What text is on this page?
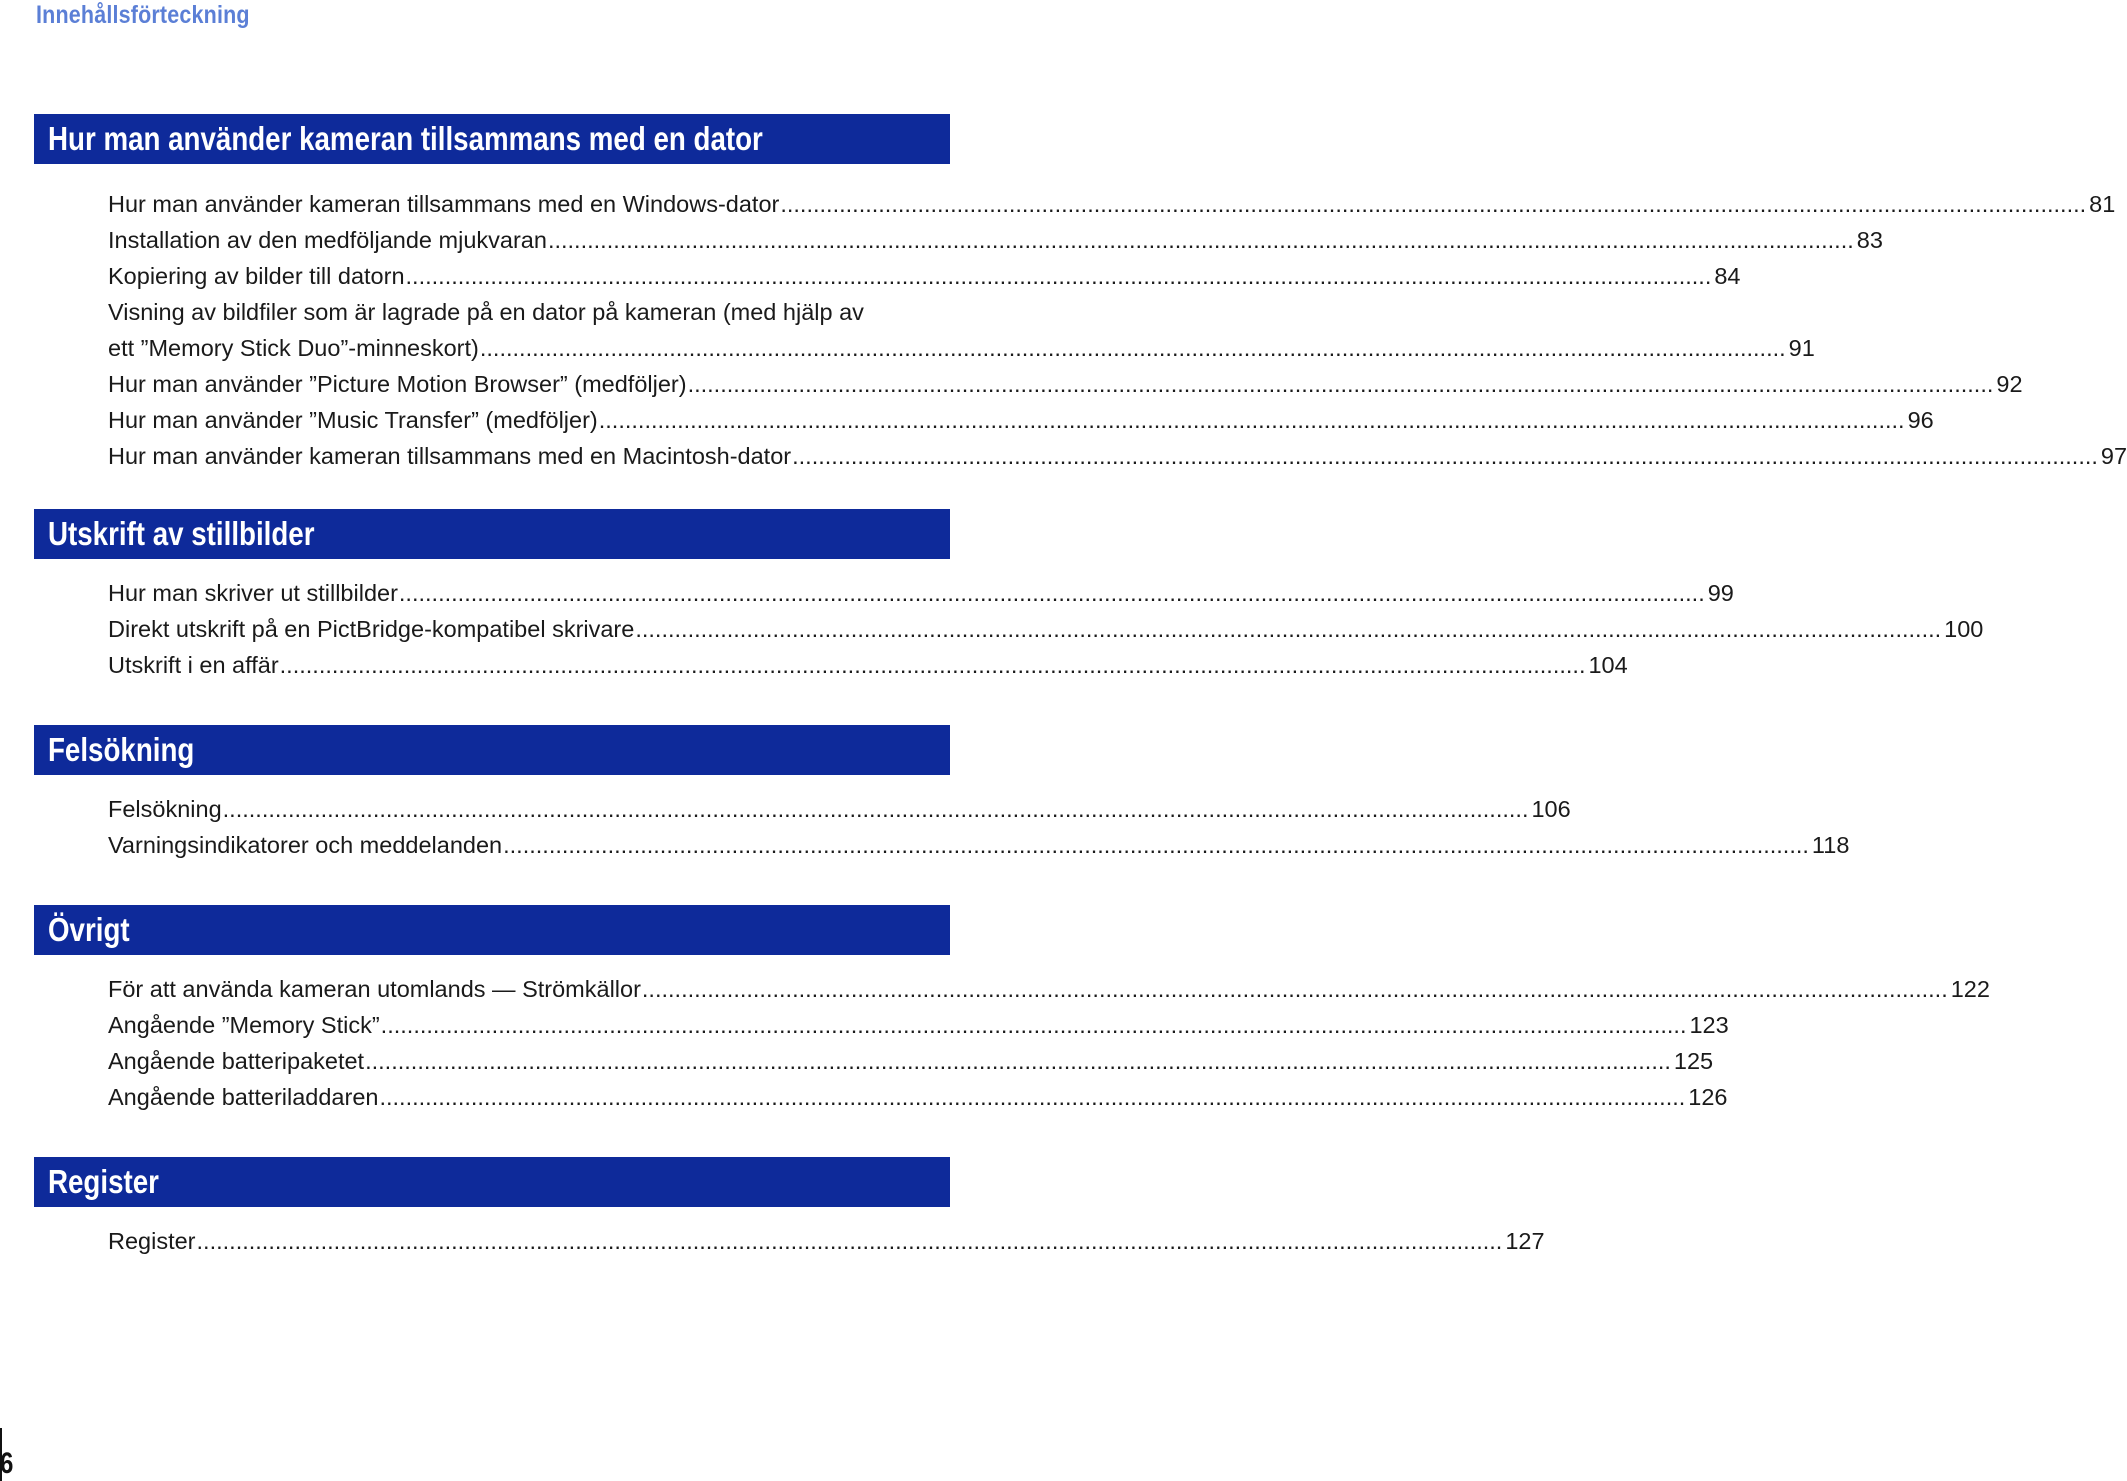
Innehållsförteckning
Hur man använder kameran tillsammans med en dator
Hur man använder kameran tillsammans med en Windows-dator ........................................................................................................................................................................................................ 81
Installation av den medföljande mjukvaran ........................................................................................................................................................................................................ 83
Kopiering av bilder till datorn ........................................................................................................................................................................................................ 84
Visning av bildfiler som är lagrade på en dator på kameran (med hjälp av
ett ”Memory Stick Duo”-minneskort) ........................................................................................................................................................................................................ 91
Hur man använder ”Picture Motion Browser” (medföljer) ........................................................................................................................................................................................................ 92
Hur man använder ”Music Transfer” (medföljer) ........................................................................................................................................................................................................ 96
Hur man använder kameran tillsammans med en Macintosh-dator ........................................................................................................................................................................................................ 97
Utskrift av stillbilder
Hur man skriver ut stillbilder ........................................................................................................................................................................................................ 99
Direkt utskrift på en PictBridge-kompatibel skrivare ........................................................................................................................................................................................................ 100
Utskrift i en affär ........................................................................................................................................................................................................ 104
Felsökning
Felsökning ........................................................................................................................................................................................................ 106
Varningsindikatorer och meddelanden ........................................................................................................................................................................................................ 118
Övrigt
För att använda kameran utomlands — Strömkällor ........................................................................................................................................................................................................ 122
Angående ”Memory Stick” ........................................................................................................................................................................................................ 123
Angående batteripaketet ........................................................................................................................................................................................................ 125
Angående batteriladdaren ........................................................................................................................................................................................................ 126
Register
Register ........................................................................................................................................................................................................ 127
6
